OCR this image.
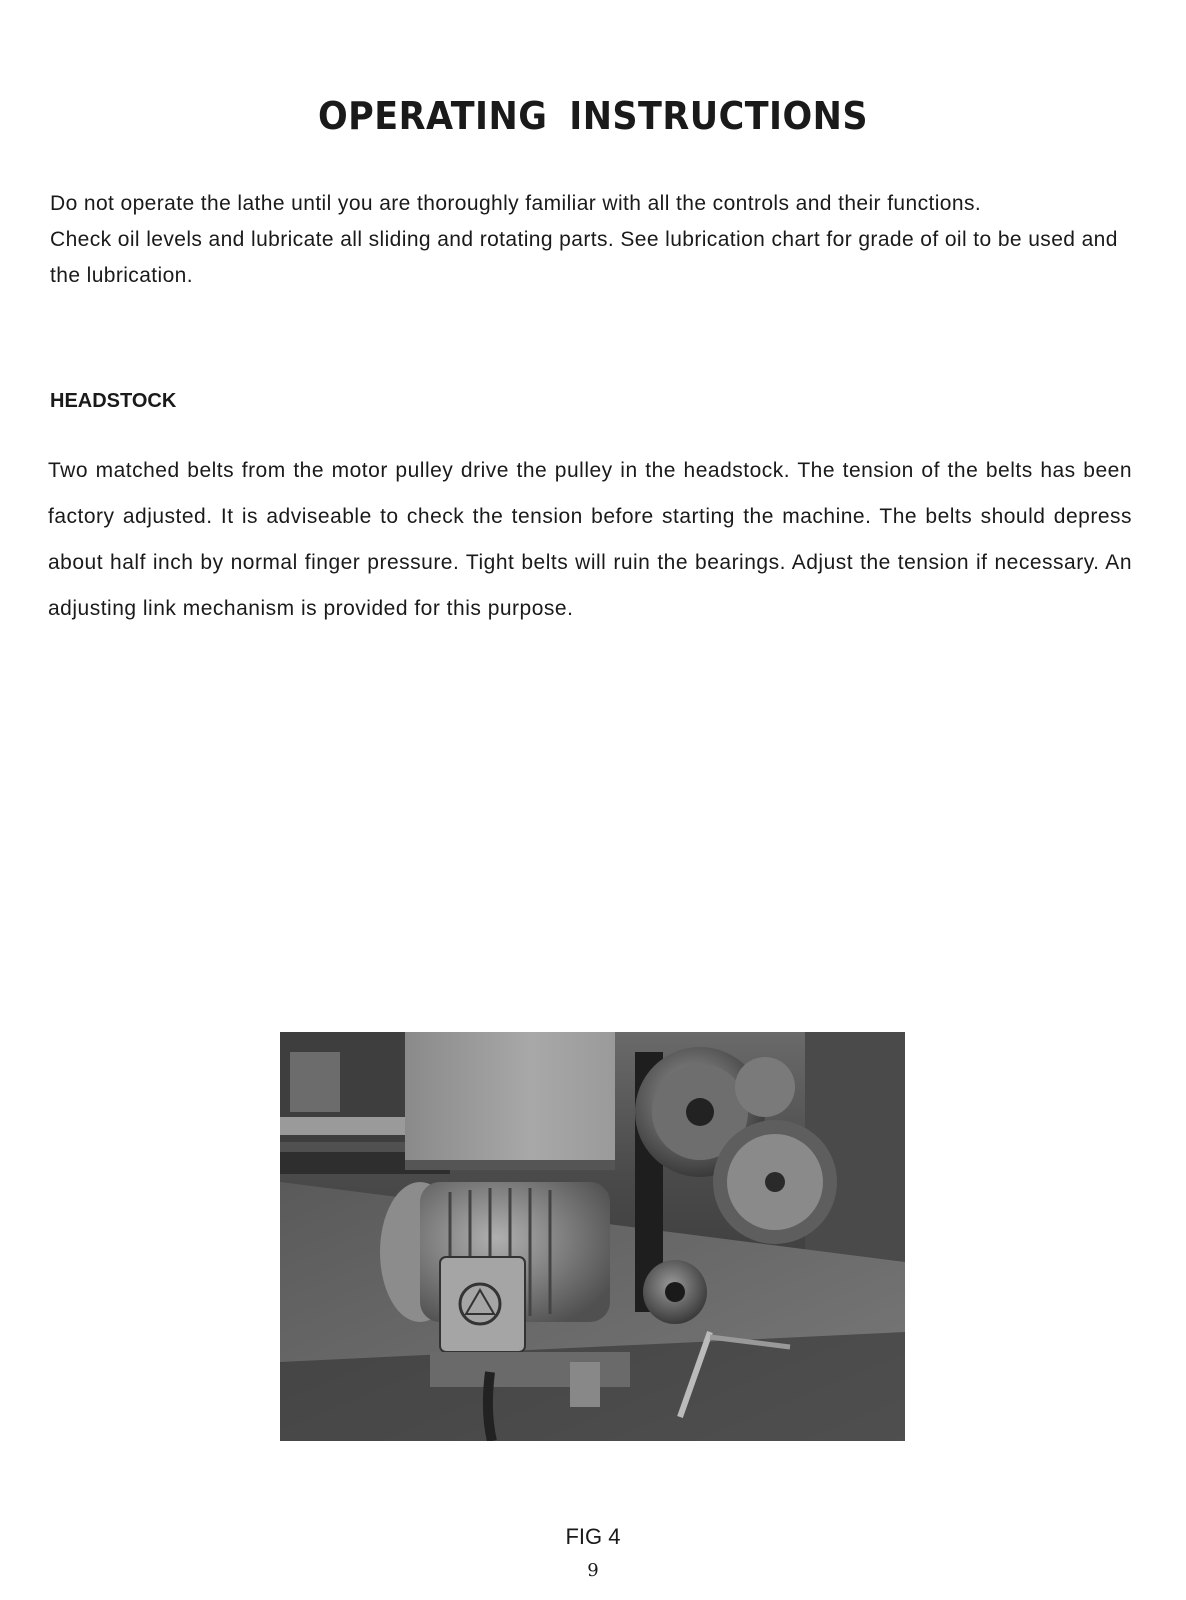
OPERATING INSTRUCTIONS

Do not operate the lathe until you are thoroughly familiar with all the controls and their functions.

Check oil levels and lubricate all sliding and rotating parts. See lubrication chart for grade of oil to be used and the lubrication.

HEADSTOCK

Two matched belts from the motor pulley drive the pulley in the headstock. The tension of the belts has been factory adjusted. It is adviseable to check the tension before starting the machine. The belts should depress about half inch by normal finger pressure. Tight belts will ruin the bearings. Adjust the tension if necessary. An adjusting link mechanism is provided for this purpose.

FIG 4

9
